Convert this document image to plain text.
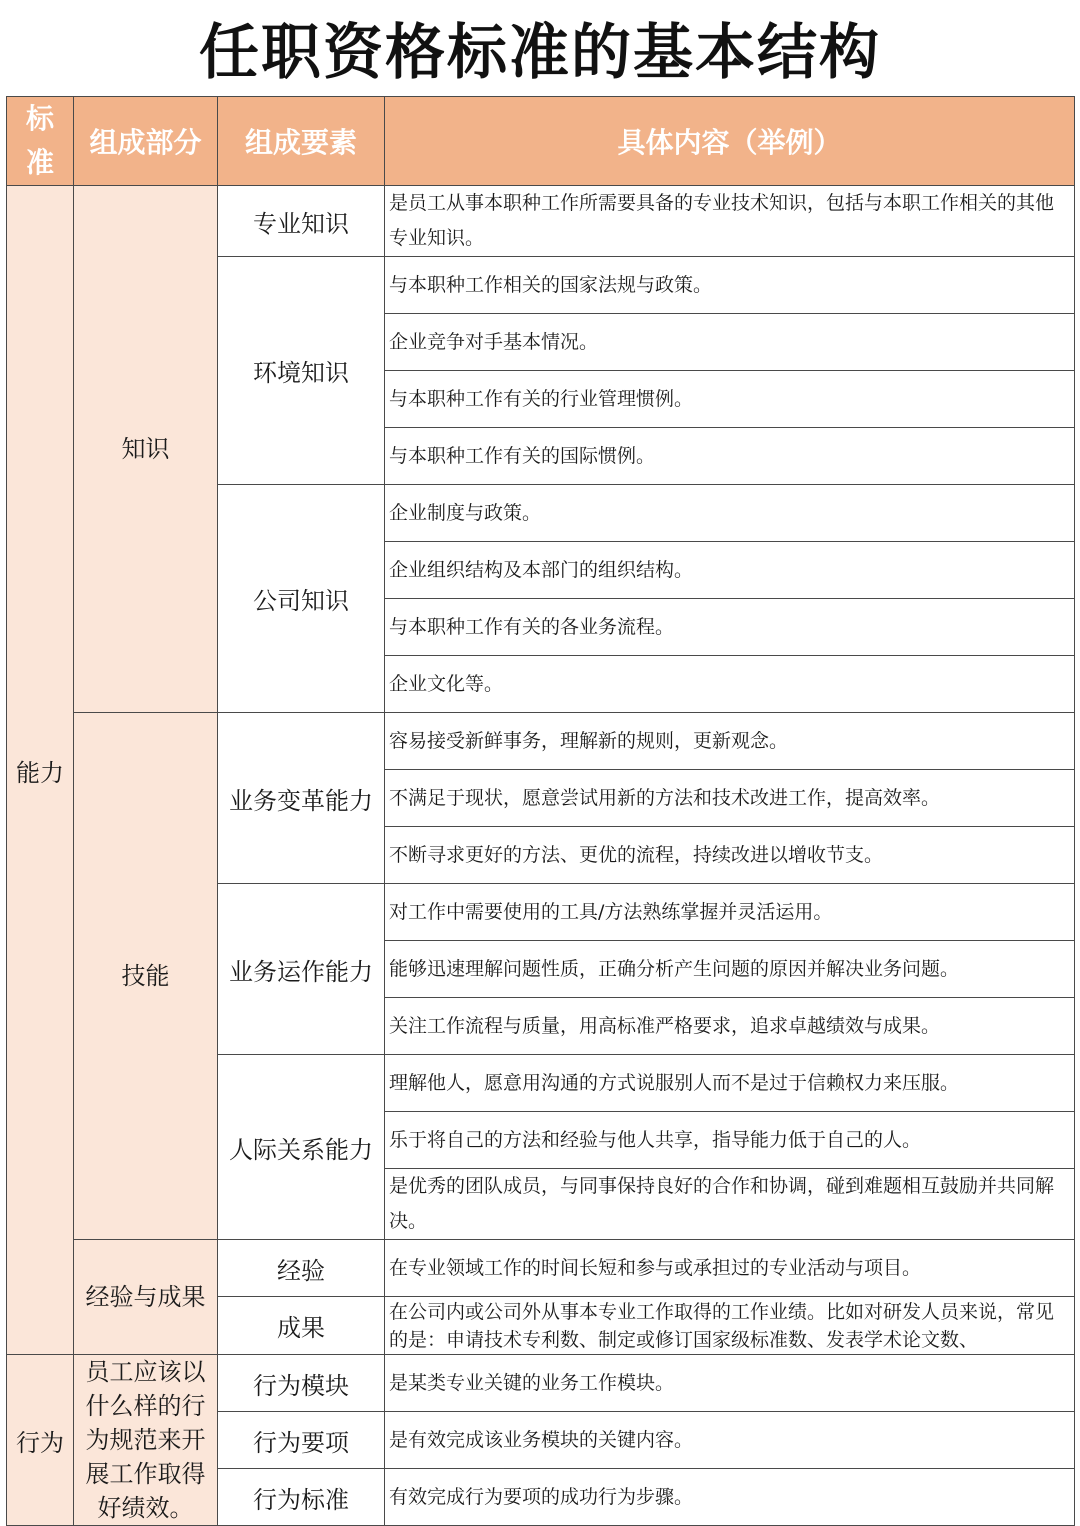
任职资格标准的基本结构
标准	组成部分	组成要素	具体内容（举例）
能力	知识	专业知识	是员工从事本职种工作所需要具备的专业技术知识，包括与本职工作相关的其他专业知识。
		环境知识	与本职种工作相关的国家法规与政策。
			企业竞争对手基本情况。
			与本职种工作有关的行业管理惯例。
			与本职种工作有关的国际惯例。
		公司知识	企业制度与政策。
			企业组织结构及本部门的组织结构。
			与本职种工作有关的各业务流程。
			企业文化等。
	技能	业务变革能力	容易接受新鲜事务，理解新的规则，更新观念。
			不满足于现状，愿意尝试用新的方法和技术改进工作，提高效率。
			不断寻求更好的方法、更优的流程，持续改进以增收节支。
		业务运作能力	对工作中需要使用的工具/方法熟练掌握并灵活运用。
			能够迅速理解问题性质，正确分析产生问题的原因并解决业务问题。
			关注工作流程与质量，用高标准严格要求，追求卓越绩效与成果。
		人际关系能力	理解他人，愿意用沟通的方式说服别人而不是过于信赖权力来压服。
			乐于将自己的方法和经验与他人共享，指导能力低于自己的人。
			是优秀的团队成员，与同事保持良好的合作和协调，碰到难题相互鼓励并共同解决。
	经验与成果	经验	在专业领域工作的时间长短和参与或承担过的专业活动与项目。
		成果	在公司内或公司外从事本专业工作取得的工作业绩。比如对研发人员来说，常见的是：申请技术专利数、制定或修订国家级标准数、发表学术论文数、
行为	员工应该以什么样的行为规范来开展工作取得好绩效。	行为模块	是某类专业关键的业务工作模块。
		行为要项	是有效完成该业务模块的关键内容。
		行为标准	有效完成行为要项的成功行为步骤。
